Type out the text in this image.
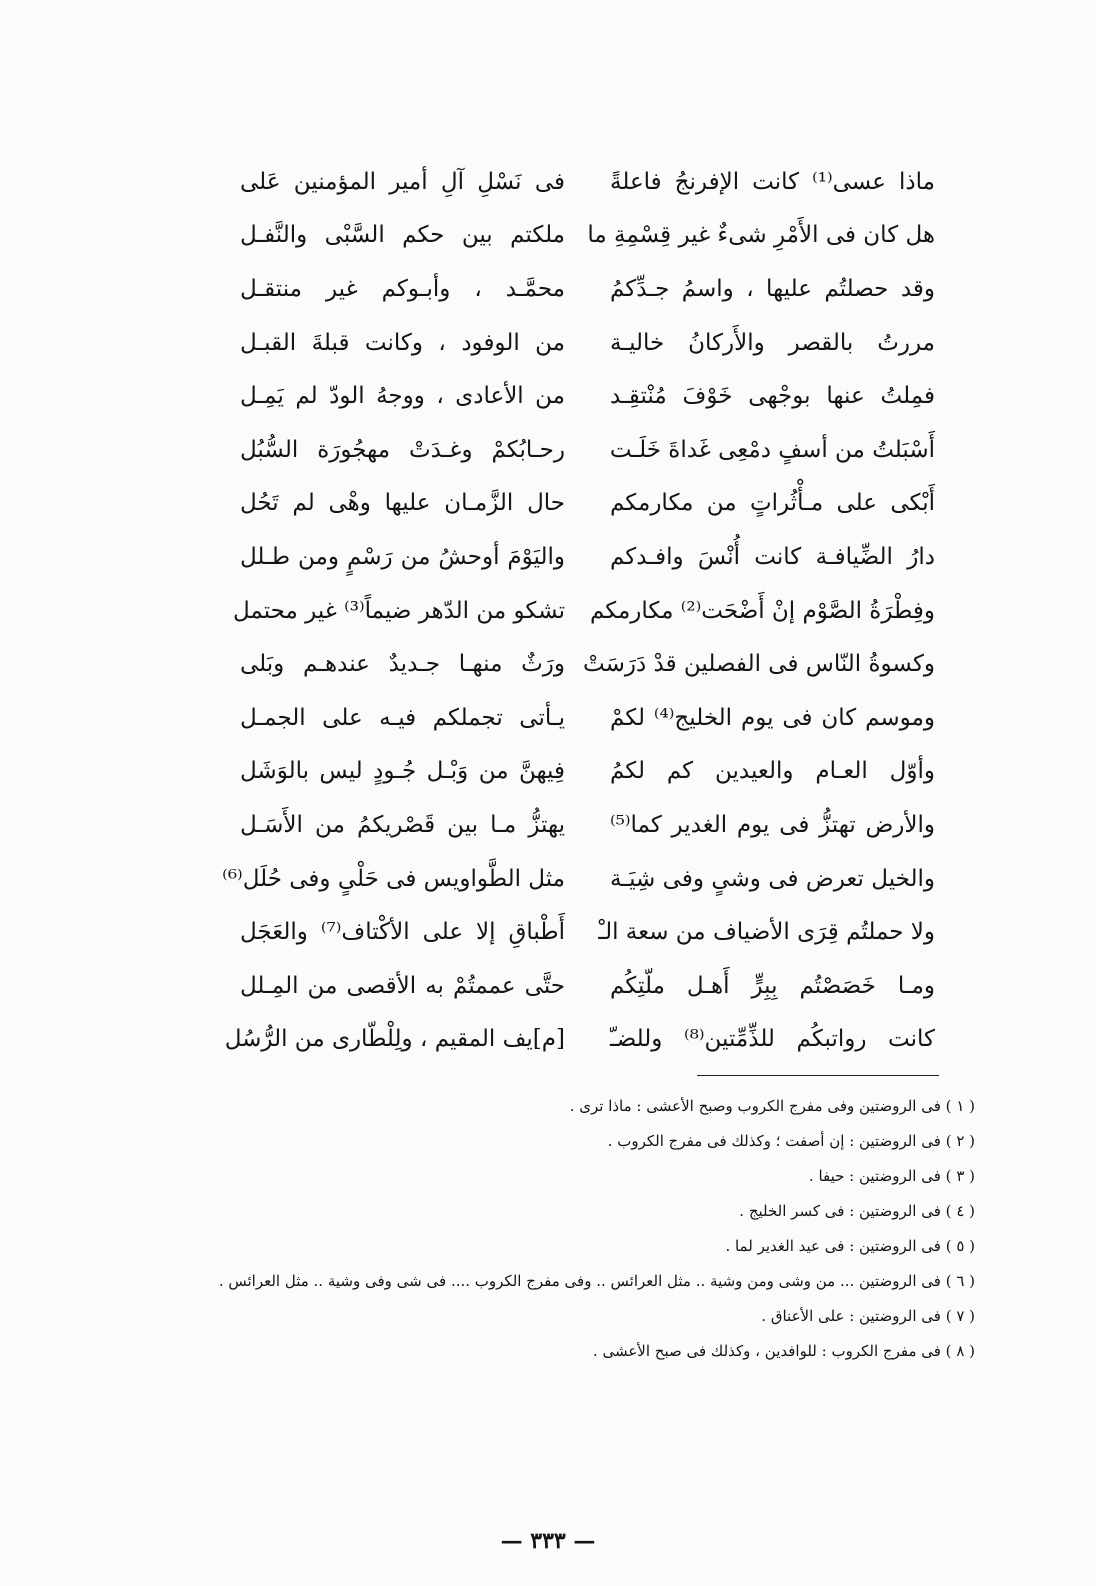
ماذا عسى⁽¹⁾ كانت الإفرنجُ فاعلةً
فى نَسْلِ آلِ أمير المؤمنين عَلى
هل كان فى الأَمْرِ شىءٌ غير قِسْمِةِ ما
ملكتم بين حكم السَّبْى والنَّفـل
وقد حصلتُم عليها ، واسمُ جـدِّكمُ
محمَّـد ، وأبـوكم غير منتقـل
مررتُ بالقصر والأَركانُ خاليـة
من الوفود ، وكانت قبلةَ القبـل
فمِلتُ عنها بوجْهى خَوْفَ مُنْتقِـد
من الأعادى ، ووجهُ الودّ لم يَمِـل
أَسْبَلتُ من أسفٍ دمْعِى غَداةَ خَلَـت
رحـابُكمْ وغـدَتْ مهجُورَة السُّبُل
أَبْكى على مـأْثُراتٍ من مكارمكم
حال الزَّمـان عليها وهْى لم تَحُل
دارُ الضِّيافـة كانت أُنْسَ وافـدكم
واليَوْمَ أوحشُ من رَسْمٍ ومن طـلل
وفِطْرَةُ الصَّوْم إنْ أَضْحَت⁽²⁾ مكارمكم
تشكو من الدّهر ضيماً⁽³⁾ غير محتمل
وكسوةُ النّاس فى الفصلين قدْ دَرَسَتْ
ورَثٌ منهـا جـديدٌ عندهـم وبَلى
وموسم كان فى يوم الخليج⁽⁴⁾ لكمْ
يـأتى تجملكم فيـه على الجمـل
وأوّل العـام والعيدين كم لكمُ
فِيهنَّ من وَبْـل جُـودٍ ليس بالوَشَل
والأرض تهتزُّ فى يوم الغدير كما⁽⁵⁾
يهتزُّ مـا بين قَصْريكمُ من الأَسَـل
والخيل تعرض فى وشىٍ وفى شِيَـة
مثل الطَّواويس فى حَلْىٍ وفى حُلَل⁽⁶⁾
ولا حملتُم قِرَى الأضياف من سعة الـْ
أَطْباقِ إلا على الأكْتاف⁽⁷⁾ والعَجَل
ومـا خَصَصْتُم بِبِرٍّ أَهـل ملّتِكُم
حتَّى عممتُمْ به الأقصى من المِـلل
كانت رواتبكُم للذِّمِّتين⁽⁸⁾ وللضـّ
[م]يف المقيم ، ولِلْطّارى من الرُّسُل
( ١ ) فى الروضتين وفى مفرج الكروب وصبح الأعشى : ماذا ترى .
( ٢ ) فى الروضتين : إن أصفت ؛ وكذلك فى مفرج الكروب .
( ٣ ) فى الروضتين : حيفا .
( ٤ ) فى الروضتين : فى كسر الخليج .
( ٥ ) فى الروضتين : فى عيد الغدير لما .
( ٦ ) فى الروضتين ... من وشى ومن وشية .. مثل العرائس .. وفى مفرج الكروب .... فى شى وفى وشية .. مثل العرائس .
( ٧ ) فى الروضتين : على الأعناق .
( ٨ ) فى مفرج الكروب : للوافدين ، وكذلك فى صبح الأعشى .
— ٣٣٣ —
